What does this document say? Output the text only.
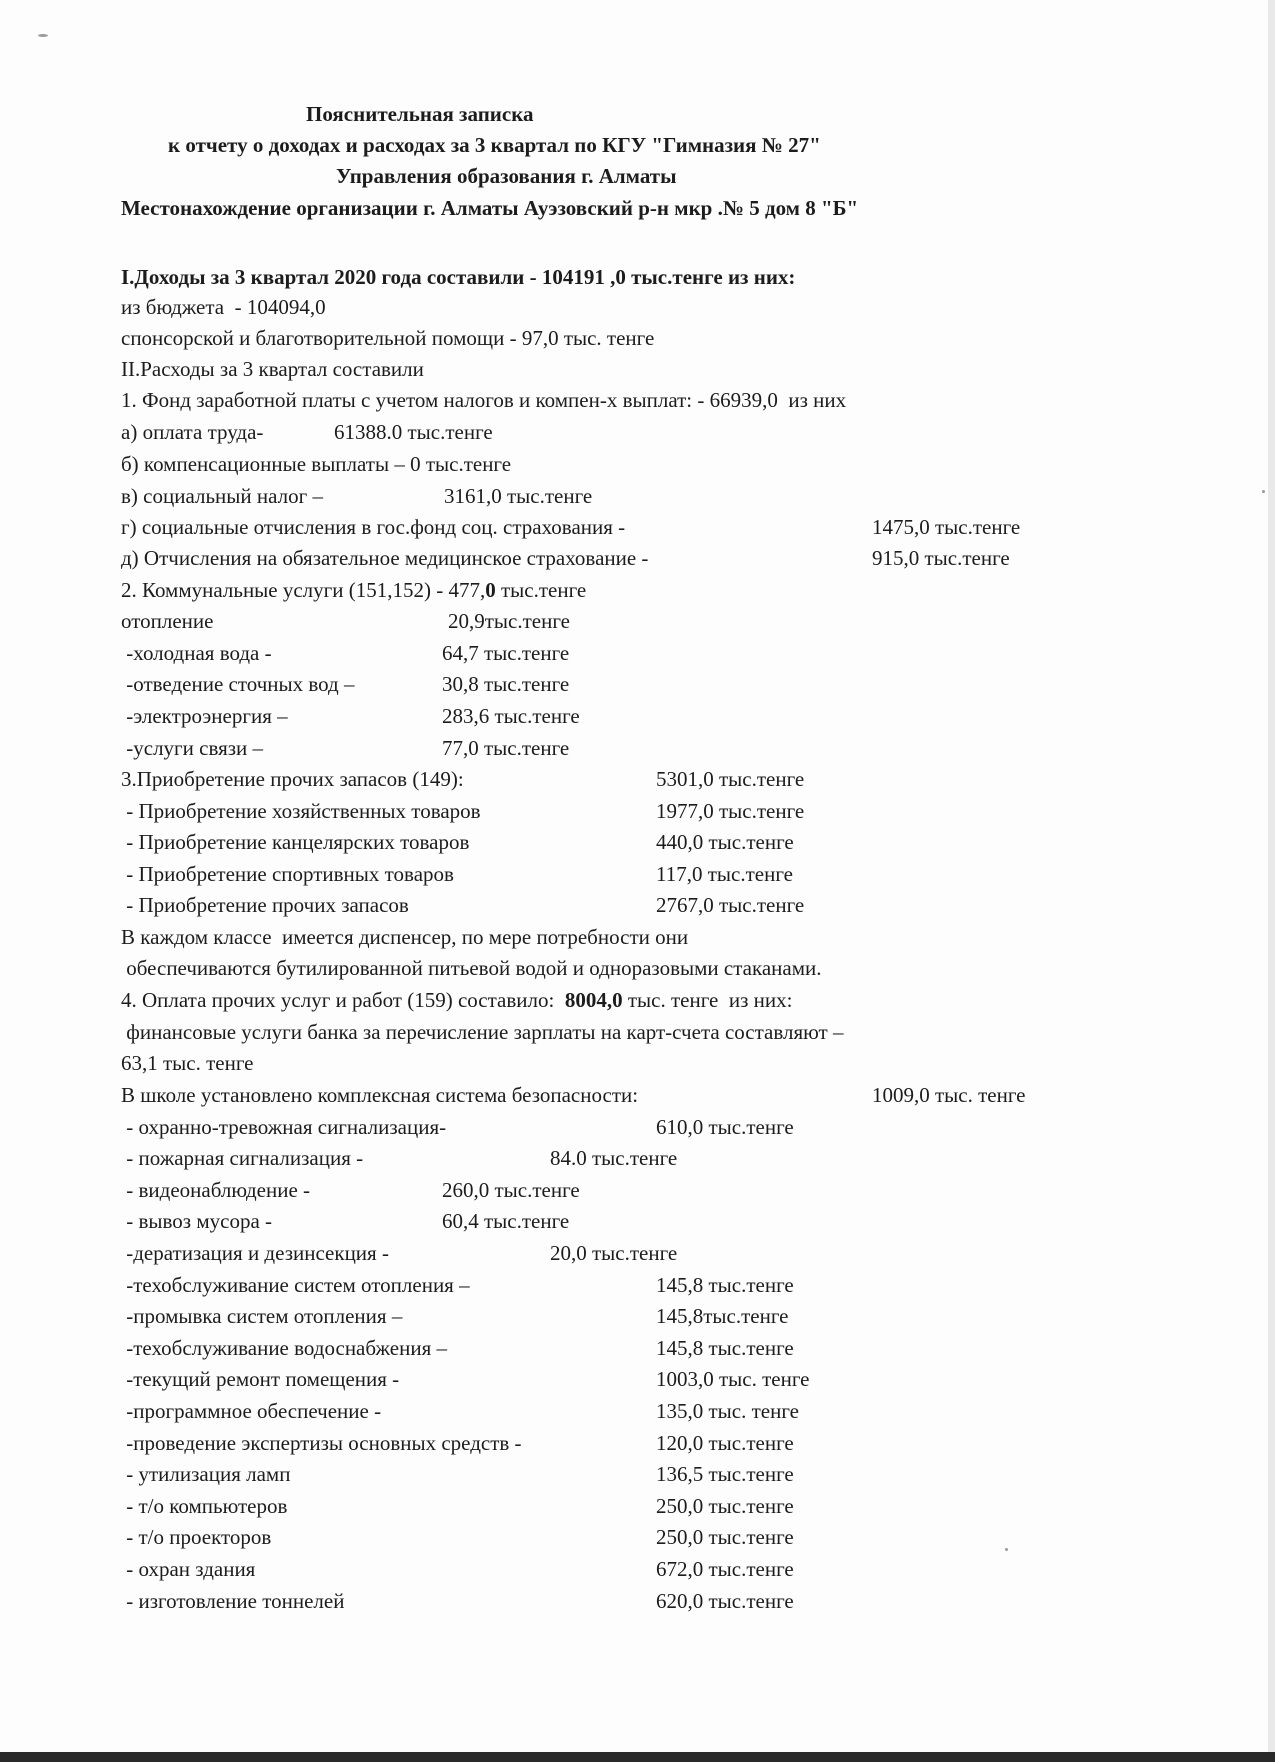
Пояснительная записка
к отчету о доходах и расходах за 3 квартал по КГУ "Гимназия № 27"
Управления образования г. Алматы
Местонахождение организации г. Алматы Ауэзовский р-н мкр .№ 5 дом 8 "Б"
I.Доходы за 3 квартал 2020 года составили - 104191 ,0 тыс.тенге из них:
из бюджета  - 104094,0
спонсорской и благотворительной помощи - 97,0 тыс. тенге
II.Расходы за 3 квартал составили
1. Фонд заработной платы с учетом налогов и компен-х выплат: - 66939,0  из них
а) оплата труда-	61388.0 тыс.тенге
б) компенсационные выплаты – 0 тыс.тенге
в) социальный налог –	3161,0 тыс.тенге
г) социальные отчисления в гос.фонд соц. страхования -	1475,0 тыс.тенге
д) Отчисления на обязательное медицинское страхование -	915,0 тыс.тенге
2. Коммунальные услуги (151,152) - 477,0 тыс.тенге
отопление	20,9тыс.тенге
-холодная вода -	64,7 тыс.тенге
-отведение сточных вод –	30,8 тыс.тенге
-электроэнергия –	283,6 тыс.тенге
-услуги связи –	77,0 тыс.тенге
3.Приобретение прочих запасов (149):	5301,0 тыс.тенге
- Приобретение хозяйственных товаров	1977,0 тыс.тенге
- Приобретение канцелярских товаров	440,0 тыс.тенге
- Приобретение спортивных товаров	117,0 тыс.тенге
- Приобретение прочих запасов	2767,0 тыс.тенге
В каждом классе  имеется диспенсер, по мере потребности они
обеспечиваются бутилированной питьевой водой и одноразовыми стаканами.
4. Оплата прочих услуг и работ (159) составило:  8004,0 тыс. тенге  из них:
финансовые услуги банка за перечисление зарплаты на карт-счета составляют –
63,1 тыс. тенге
В школе установлено комплексная система безопасности:	1009,0 тыс. тенге
- охранно-тревожная сигнализация-	610,0 тыс.тенге
- пожарная сигнализация -	84.0 тыс.тенге
- видеонаблюдение -	260,0 тыс.тенге
- вывоз мусора -	60,4 тыс.тенге
-дератизация и дезинсекция -	20,0 тыс.тенге
-техобслуживание систем отопления –	145,8 тыс.тенге
-промывка систем отопления –	145,8тыс.тенге
-техобслуживание водоснабжения –	145,8 тыс.тенге
-текущий ремонт помещения -	1003,0 тыс. тенге
-программное обеспечение -	135,0 тыс. тенге
-проведение экспертизы основных средств -	120,0 тыс.тенге
- утилизация ламп	136,5 тыс.тенге
- т/о компьютеров	250,0 тыс.тенге
- т/о проекторов	250,0 тыс.тенге
- охран здания	672,0 тыс.тенге
- изготовление тоннелей	620,0 тыс.тенге
